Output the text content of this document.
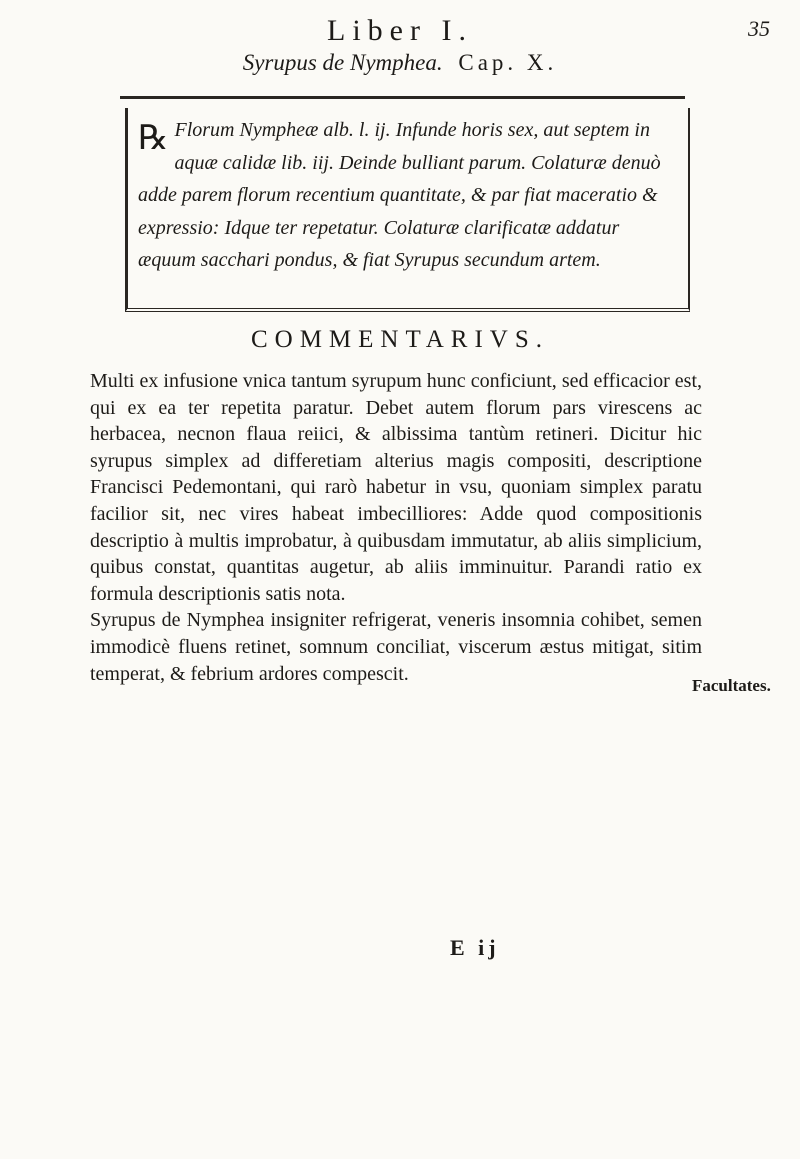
Liber I.	35
Syrupus de Nymphea. Cap. X.
℞ Florum Nympheæ alb. l. ij. Infunde horis sex, aut septem in aquæ calidæ lib. iij. Deinde bulliant parum. Colaturæ denuò adde parem florum recentium quantitate, & par fiat maceratio & expressio: Idque ter repetatur. Colaturæ clarificatæ addatur æquum sacchari pondus, & fiat Syrupus secundum artem.
COMMENTARIVS.

Multi ex infusione vnica tantum syrupum hunc conficiunt, sed efficacior est, qui ex ea ter repetita paratur. Debet autem florum pars virescens ac herbacea, necnon flaua reiici, & albissima tantùm retineri. Dicitur hic syrupus simplex ad differetiam alterius magis compositi, descriptione Francisci Pedemontani, qui rarò habetur in vsu, quoniam simplex paratu facilior sit, nec vires habeat imbecilliores: Adde quod compositionis descriptio à multis improbatur, à quibusdam immutatur, ab aliis simplicium, quibus constat, quantitas augetur, ab aliis imminuitur. Parandi ratio ex formula descriptionis satis nota.

Syrupus de Nymphea insigniter refrigerat, veneris insomnia cohibet, semen immodicè fluens retinet, somnum conciliat, viscerum æstus mitigat, sitim temperat, & febrium ardores compescit.

Facultates.
E ij
